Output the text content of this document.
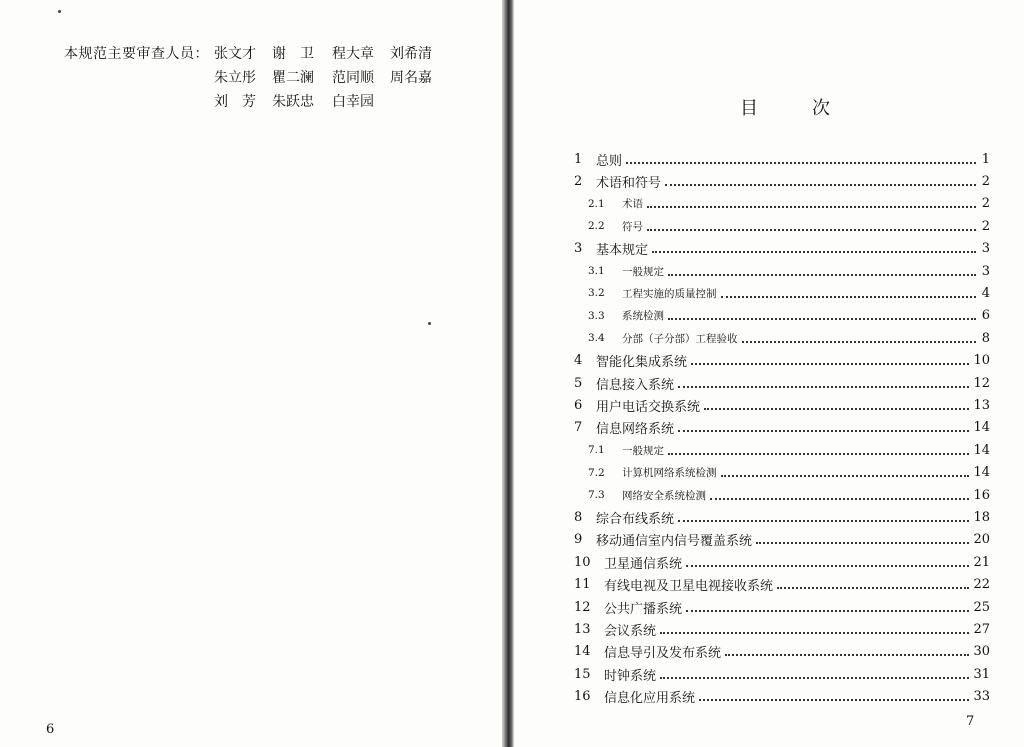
本规范主要审查人员： 张文才 谢　卫 程大章 刘希清
朱立彤 瞿二澜 范同顺 周名嘉
刘　芳 朱跃忠 白幸园
6
目	次
1	总则	1
2	术语和符号	2
2.1	术语	2
2.2	符号	2
3	基本规定	3
3.1	一般规定	3
3.2	工程实施的质量控制	4
3.3	系统检测	6
3.4	分部（子分部）工程验收	8
4	智能化集成系统	10
5	信息接入系统	12
6	用户电话交换系统	13
7	信息网络系统	14
7.1	一般规定	14
7.2	计算机网络系统检测	14
7.3	网络安全系统检测	16
8	综合布线系统	18
9	移动通信室内信号覆盖系统	20
10	卫星通信系统	21
11	有线电视及卫星电视接收系统	22
12	公共广播系统	25
13	会议系统	27
14	信息导引及发布系统	30
15	时钟系统	31
16	信息化应用系统	33
7
